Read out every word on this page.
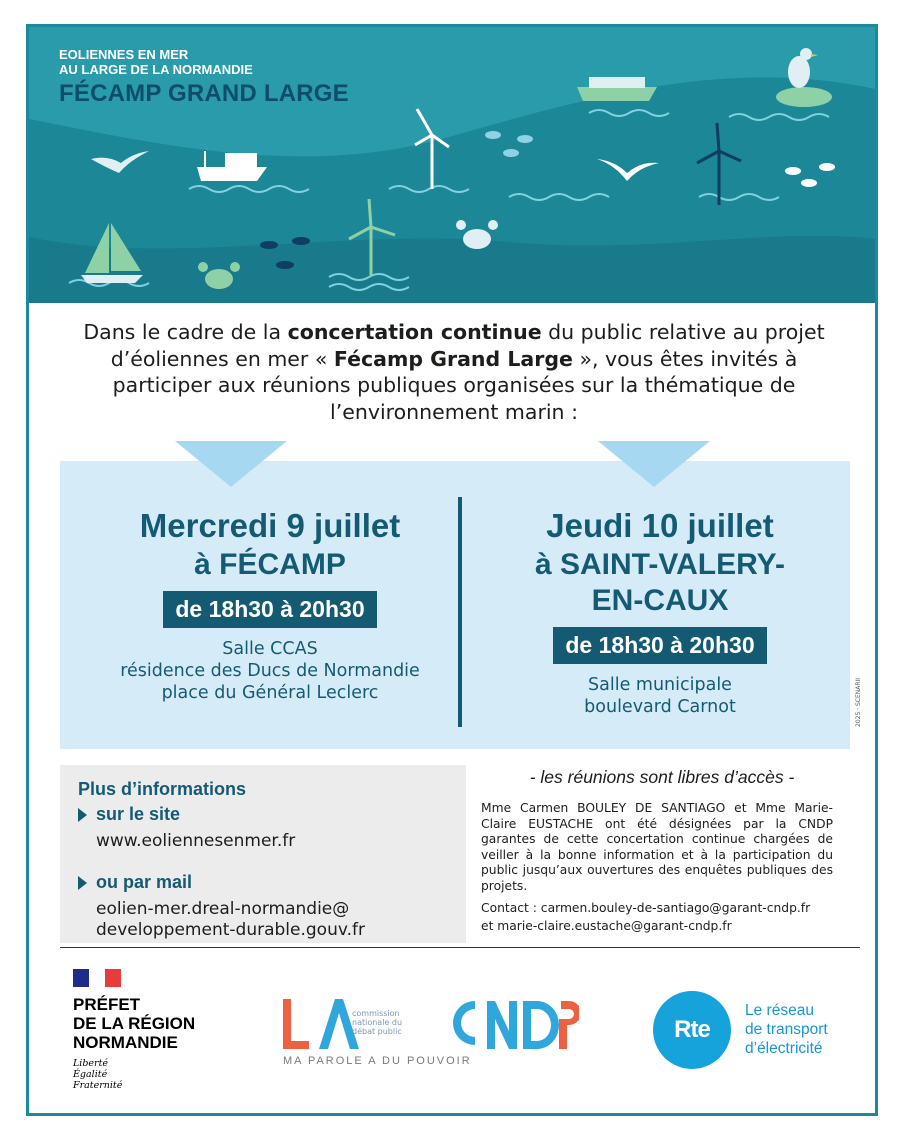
EOLIENNES EN MER
AU LARGE DE LA NORMANDIE
FÉCAMP GRAND LARGE
Dans le cadre de la concertation continue du public relative au projet d’éoliennes en mer « Fécamp Grand Large », vous êtes invités à participer aux réunions publiques organisées sur la thématique de l’environnement marin :
Mercredi 9 juillet
à FÉCAMP
de 18h30 à 20h30
Salle CCAS
résidence des Ducs de Normandie
place du Général Leclerc
Jeudi 10 juillet
à SAINT-VALERY-
EN-CAUX
de 18h30 à 20h30
Salle municipale
boulevard Carnot	2025 · SCENARII
Plus d’informations
sur le site
www.eoliennesenmer.fr
ou par mail
eolien-mer.dreal-normandie@
developpement-durable.gouv.fr
- les réunions sont libres d’accès -
Mme Carmen BOULEY DE SANTIAGO et Mme Marie-Claire EUSTACHE ont été désignées par la CNDP garantes de cette concertation continue chargées de veiller à la bonne information et à la participation du public jusqu’aux ouvertures des enquêtes publiques des projets.
Contact : carmen.bouley-de-santiago@garant-cndp.fr
et marie-claire.eustache@garant-cndp.fr
PRÉFET
DE LA RÉGION
NORMANDIE
Liberté
Égalité
Fraternité
commission
nationale du
débat public
MA PAROLE A DU POUVOIR
Rte
Le réseau
de transport
d’électricité
